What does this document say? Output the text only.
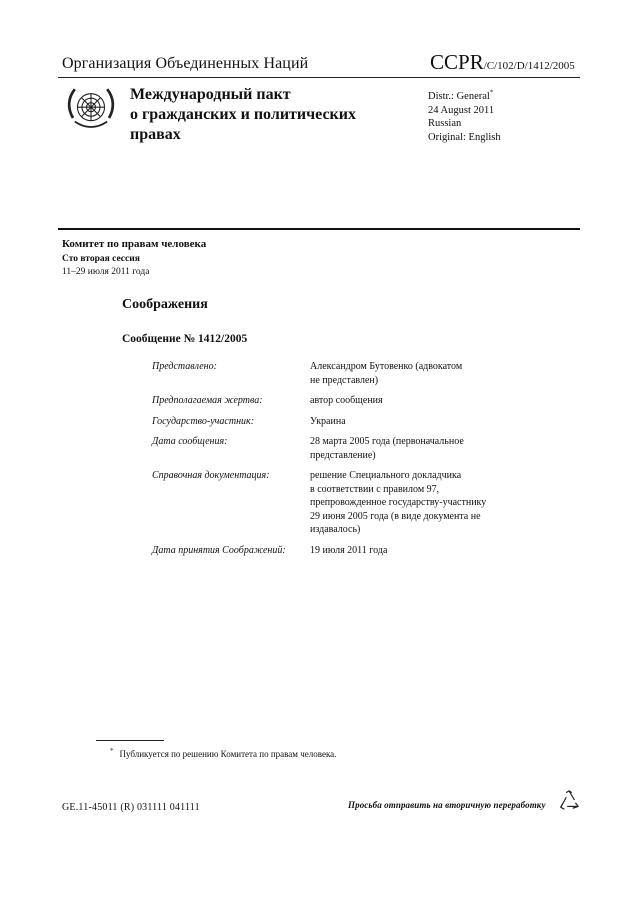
Организация Объединенных Наций	CCPR/C/102/D/1412/2005
Международный пакт
о гражданских и политических
правах
Distr.: General*
24 August 2011
Russian
Original: English
Комитет по правам человека
Сто вторая сессия
11–29 июля 2011 года
Соображения
Сообщение № 1412/2005
Представлено:	Александром Бутовенко (адвокатом
не представлен)
Предполагаемая жертва:	автор сообщения
Государство-участник:	Украина
Дата сообщения:	28 марта 2005 года (первоначальное
представление)
Справочная документация:	решение Специального докладчика
в соответствии с правилом 97,
препровожденное государству-участнику
29 июня 2005 года (в виде документа не
издавалось)
Дата принятия Соображений:	19 июля 2011 года
* Публикуется по решению Комитета по правам человека.
GE.11-45011 (R) 031111 041111	Просьба отправить на вторичную переработку
